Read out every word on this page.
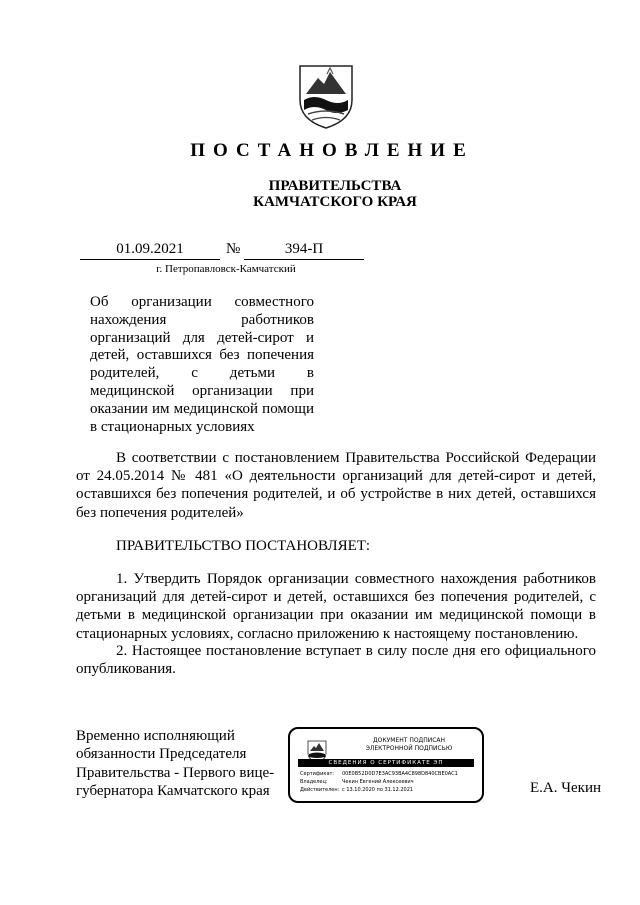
ПОСТАНОВЛЕНИЕ
ПРАВИТЕЛЬСТВА
КАМЧАТСКОГО КРАЯ
01.09.2021	№	394-П
г. Петропавловск-Камчатский
Об организации совместного нахождения работников организаций для детей-сирот и детей, оставшихся без попечения родителей, с детьми в медицинской организации при оказании им медицинской помощи в стационарных условиях
В соответствии с постановлением Правительства Российской Федерации от 24.05.2014 № 481 «О деятельности организаций для детей-сирот и детей, оставшихся без попечения родителей, и об устройстве в них детей, оставшихся без попечения родителей»
ПРАВИТЕЛЬСТВО ПОСТАНОВЛЯЕТ:
1. Утвердить Порядок организации совместного нахождения работников организаций для детей-сирот и детей, оставшихся без попечения родителей, с детьми в медицинской организации при оказании им медицинской помощи в стационарных условиях, согласно приложению к настоящему постановлению.
2. Настоящее постановление вступает в силу после дня его официального опубликования.
Временно исполняющий
обязанности Председателя
Правительства - Первого вице-
губернатора Камчатского края
ДОКУМЕНТ ПОДПИСАН
ЭЛЕКТРОННОЙ ПОДПИСЬЮ
СВЕДЕНИЯ О СЕРТИФИКАТЕ ЭП
Сертификат: 00E0B52D0D7E3AC93BA4C898D840CBE0AC1
Владелец:	Чекин Евгений Алексеевич
Действителен: с 13.10.2020 по 31.12.2021	Е.А. Чекин
